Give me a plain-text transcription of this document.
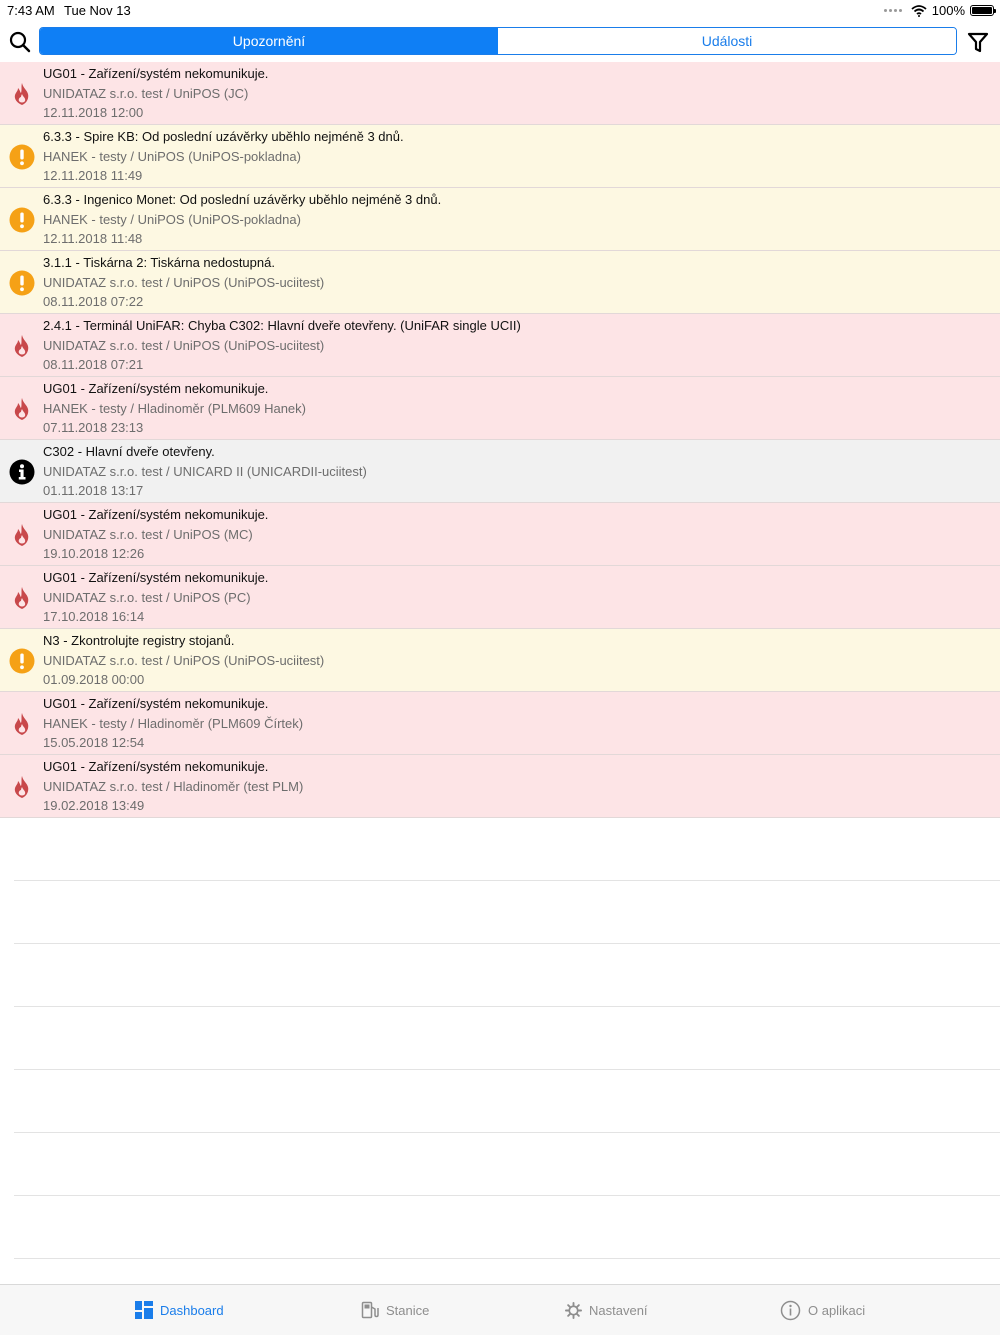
7:43 AM Tue Nov 13	100%
Upozornění	Události
UG01 - Zařízení/systém nekomunikuje.
UNIDATAZ s.r.o. test / UniPOS (JC)
12.11.2018 12:00
6.3.3 - Spire KB: Od poslední uzávěrky uběhlo nejméně 3 dnů.
HANEK - testy / UniPOS (UniPOS-pokladna)
12.11.2018 11:49
6.3.3 - Ingenico Monet: Od poslední uzávěrky uběhlo nejméně 3 dnů.
HANEK - testy / UniPOS (UniPOS-pokladna)
12.11.2018 11:48
3.1.1 - Tiskárna 2: Tiskárna nedostupná.
UNIDATAZ s.r.o. test / UniPOS (UniPOS-uciitest)
08.11.2018 07:22
2.4.1 - Terminál UniFAR: Chyba C302: Hlavní dveře otevřeny. (UniFAR single UCII)
UNIDATAZ s.r.o. test / UniPOS (UniPOS-uciitest)
08.11.2018 07:21
UG01 - Zařízení/systém nekomunikuje.
HANEK - testy / Hladinoměr (PLM609 Hanek)
07.11.2018 23:13
C302 - Hlavní dveře otevřeny.
UNIDATAZ s.r.o. test / UNICARD II (UNICARDII-uciitest)
01.11.2018 13:17
UG01 - Zařízení/systém nekomunikuje.
UNIDATAZ s.r.o. test / UniPOS (MC)
19.10.2018 12:26
UG01 - Zařízení/systém nekomunikuje.
UNIDATAZ s.r.o. test / UniPOS (PC)
17.10.2018 16:14
N3 - Zkontrolujte registry stojanů.
UNIDATAZ s.r.o. test / UniPOS (UniPOS-uciitest)
01.09.2018 00:00
UG01 - Zařízení/systém nekomunikuje.
HANEK - testy / Hladinoměr (PLM609 Čírtek)
15.05.2018 12:54
UG01 - Zařízení/systém nekomunikuje.
UNIDATAZ s.r.o. test / Hladinoměr (test PLM)
19.02.2018 13:49
Dashboard	Stanice	Nastavení	O aplikaci
